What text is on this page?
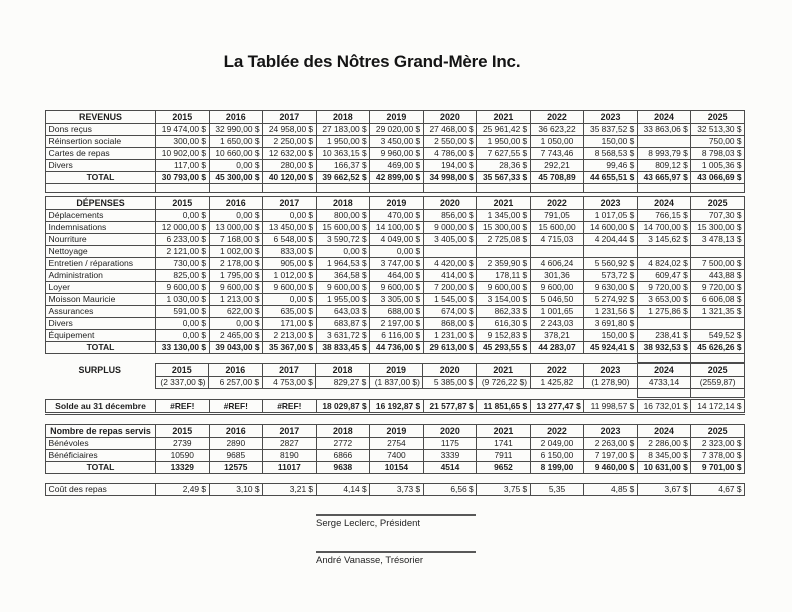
La Tablée des Nôtres Grand-Mère Inc.
REVENUS	2015	2016	2017	2018	2019	2020	2021	2022	2023	2024	2025
Dons reçus	19 474,00 $	32 990,00 $	24 958,00 $	27 183,00 $	29 020,00 $	27 468,00 $	25 961,42 $	36 623,22	35 837,52 $	33 863,06 $	32 513,30 $
Réinsertion sociale	300,00 $	1 650,00 $	2 250,00 $	1 950,00 $	3 450,00 $	2 550,00 $	1 950,00 $	1 050,00	150,00 $		750,00 $
Cartes de repas	10 902,00 $	10 660,00 $	12 632,00 $	10 363,15 $	9 960,00 $	4 786,00 $	7 627,55 $	7 743,46	8 568,53 $	8 993,79 $	8 798,03 $
Divers	117,00 $	0,00 $	280,00 $	166,37 $	469,00 $	194,00 $	28,36 $	292,21	99,46 $	809,12 $	1 005,36 $
TOTAL	30 793,00 $	45 300,00 $	40 120,00 $	39 662,52 $	42 899,00 $	34 998,00 $	35 567,33 $	45 708,89	44 655,51 $	43 665,97 $	43 066,69 $

DÉPENSES	2015	2016	2017	2018	2019	2020	2021	2022	2023	2024	2025
Déplacements	0,00 $	0,00 $	0,00 $	800,00 $	470,00 $	856,00 $	1 345,00 $	791,05	1 017,05 $	766,15 $	707,30 $
Indemnisations	12 000,00 $	13 000,00 $	13 450,00 $	15 600,00 $	14 100,00 $	9 000,00 $	15 300,00 $	15 600,00	14 600,00 $	14 700,00 $	15 300,00 $
Nourriture	6 233,00 $	7 168,00 $	6 548,00 $	3 590,72 $	4 049,00 $	3 405,00 $	2 725,08 $	4 715,03	4 204,44 $	3 145,62 $	3 478,13 $
Nettoyage	2 121,00 $	1 002,00 $	833,00 $	0,00 $	0,00 $						
Entretien / réparations	730,00 $	2 178,00 $	905,00 $	1 964,53 $	3 747,00 $	4 420,00 $	2 359,90 $	4 606,24	5 560,92 $	4 824,02 $	7 500,00 $
Administration	825,00 $	1 795,00 $	1 012,00 $	364,58 $	464,00 $	414,00 $	178,11 $	301,36	573,72 $	609,47 $	443,88 $
Loyer	9 600,00 $	9 600,00 $	9 600,00 $	9 600,00 $	9 600,00 $	7 200,00 $	9 600,00 $	9 600,00	9 630,00 $	9 720,00 $	9 720,00 $
Moisson Mauricie	1 030,00 $	1 213,00 $	0,00 $	1 955,00 $	3 305,00 $	1 545,00 $	3 154,00 $	5 046,50	5 274,92 $	3 653,00 $	6 606,08 $
Assurances	591,00 $	622,00 $	635,00 $	643,03 $	688,00 $	674,00 $	862,33 $	1 001,65	1 231,56 $	1 275,86 $	1 321,35 $
Divers	0,00 $	0,00 $	171,00 $	683,87 $	2 197,00 $	868,00 $	616,30 $	2 243,03	3 691,80 $		
Équipement	0,00 $	2 465,00 $	2 213,00 $	3 631,72 $	6 116,00 $	1 231,00 $	9 152,83 $	378,21	150,00 $	238,41 $	549,52 $
TOTAL	33 130,00 $	39 043,00 $	35 367,00 $	38 833,45 $	44 736,00 $	29 613,00 $	45 293,55 $	44 283,07	45 924,41 $	38 932,53 $	45 626,26 $

SURPLUS	2015	2016	2017	2018	2019	2020	2021	2022	2023	2024	2025
	(2 337,00 $)	6 257,00 $	4 753,00 $	829,27 $	(1 837,00 $)	5 385,00 $	(9 726,22 $)	1 425,82	(1 278,90)	4733,14	(2559,87)

Solde au 31 décembre	#REF!	#REF!	#REF!	18 029,87 $	16 192,87 $	21 577,87 $	11 851,65 $	13 277,47 $	11 998,57 $	16 732,01 $	14 172,14 $
Nombre de repas servis	2015	2016	2017	2018	2019	2020	2021	2022	2023	2024	2025
Bénévoles	2739	2890	2827	2772	2754	1175	1741	2 049,00	2 263,00 $	2 286,00 $	2 323,00 $
Bénéficiaires	10590	9685	8190	6866	7400	3339	7911	6 150,00	7 197,00 $	8 345,00 $	7 378,00 $
TOTAL	13329	12575	11017	9638	10154	4514	9652	8 199,00	9 460,00 $	10 631,00 $	9 701,00 $
Coût des repas	2,49 $	3,10 $	3,21 $	4,14 $	3,73 $	6,56 $	3,75 $	5,35	4,85 $	3,67 $	4,67 $
Serge Leclerc, Président
André Vanasse, Trésorier
